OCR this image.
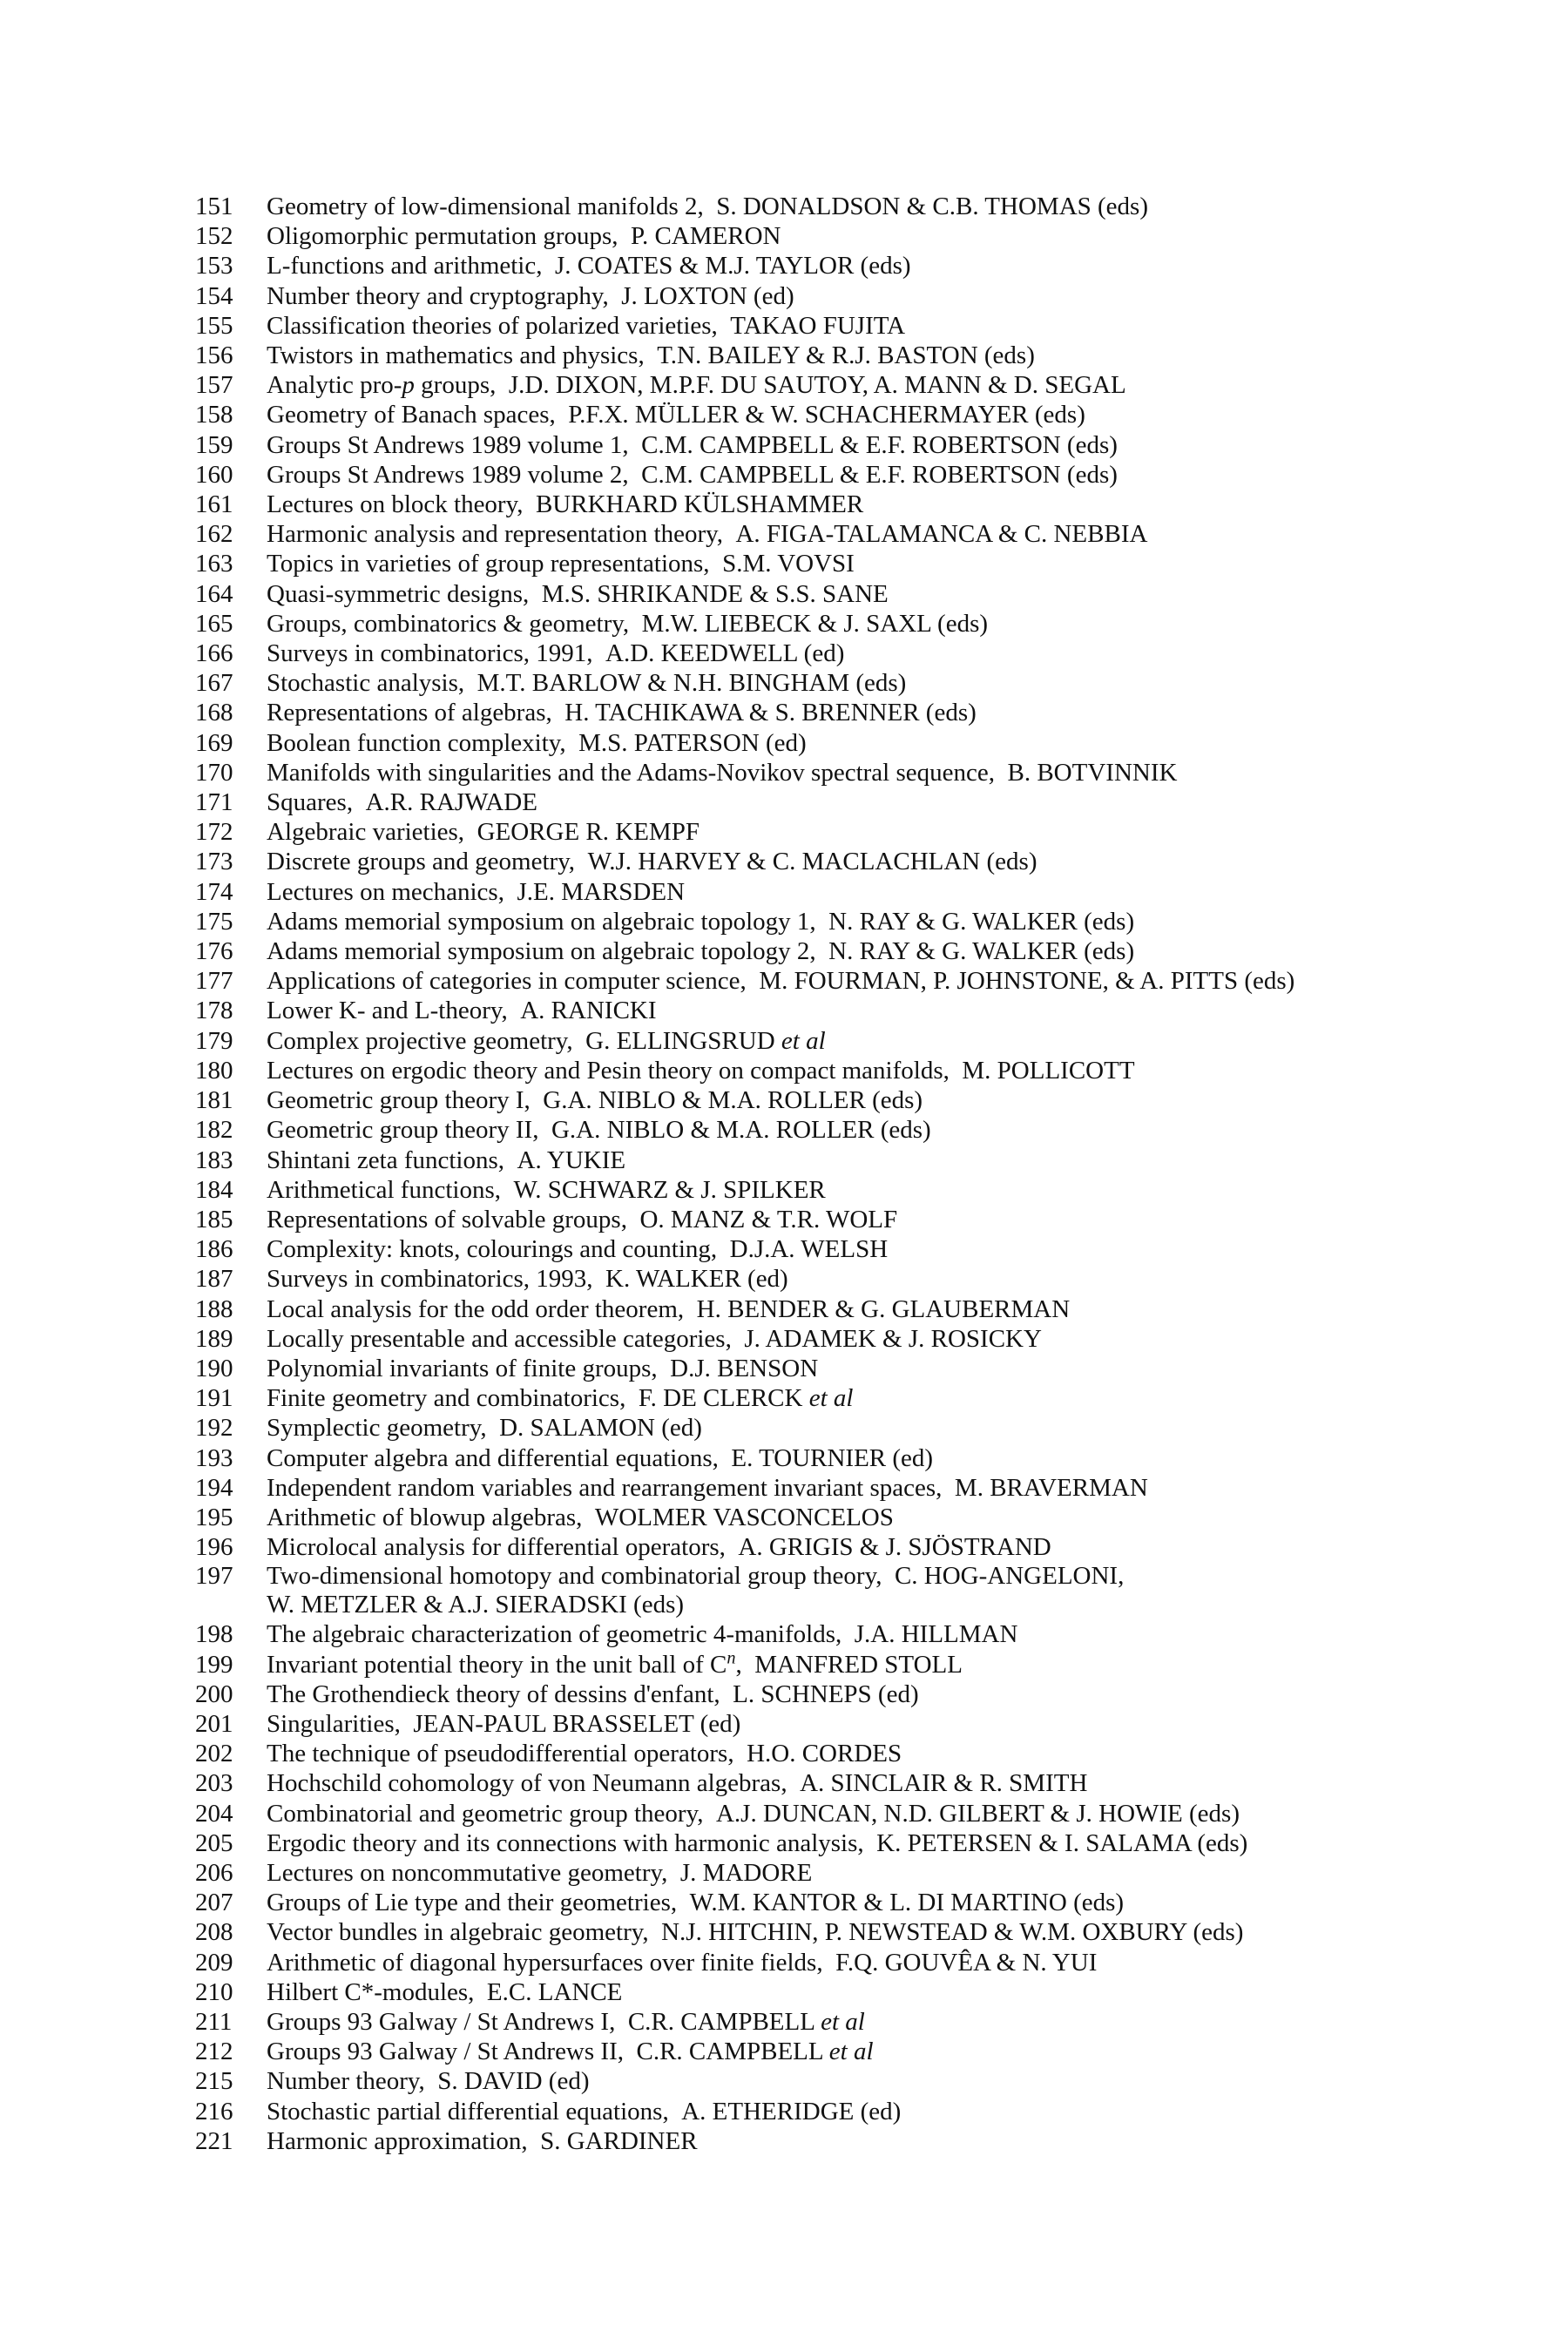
151	Geometry of low-dimensional manifolds 2, S. DONALDSON & C.B. THOMAS (eds)
152	Oligomorphic permutation groups, P. CAMERON
153	L-functions and arithmetic, J. COATES & M.J. TAYLOR (eds)
154	Number theory and cryptography, J. LOXTON (ed)
155	Classification theories of polarized varieties, TAKAO FUJITA
156	Twistors in mathematics and physics, T.N. BAILEY & R.J. BASTON (eds)
157	Analytic pro-p groups, J.D. DIXON, M.P.F. DU SAUTOY, A. MANN & D. SEGAL
158	Geometry of Banach spaces, P.F.X. MÜLLER & W. SCHACHERMAYER (eds)
159	Groups St Andrews 1989 volume 1, C.M. CAMPBELL & E.F. ROBERTSON (eds)
160	Groups St Andrews 1989 volume 2, C.M. CAMPBELL & E.F. ROBERTSON (eds)
161	Lectures on block theory, BURKHARD KÜLSHAMMER
162	Harmonic analysis and representation theory, A. FIGA-TALAMANCA & C. NEBBIA
163	Topics in varieties of group representations, S.M. VOVSI
164	Quasi-symmetric designs, M.S. SHRIKANDE & S.S. SANE
165	Groups, combinatorics & geometry, M.W. LIEBECK & J. SAXL (eds)
166	Surveys in combinatorics, 1991, A.D. KEEDWELL (ed)
167	Stochastic analysis, M.T. BARLOW & N.H. BINGHAM (eds)
168	Representations of algebras, H. TACHIKAWA & S. BRENNER (eds)
169	Boolean function complexity, M.S. PATERSON (ed)
170	Manifolds with singularities and the Adams-Novikov spectral sequence, B. BOTVINNIK
171	Squares, A.R. RAJWADE
172	Algebraic varieties, GEORGE R. KEMPF
173	Discrete groups and geometry, W.J. HARVEY & C. MACLACHLAN (eds)
174	Lectures on mechanics, J.E. MARSDEN
175	Adams memorial symposium on algebraic topology 1, N. RAY & G. WALKER (eds)
176	Adams memorial symposium on algebraic topology 2, N. RAY & G. WALKER (eds)
177	Applications of categories in computer science, M. FOURMAN, P. JOHNSTONE, & A. PITTS (eds)
178	Lower K- and L-theory, A. RANICKI
179	Complex projective geometry, G. ELLINGSRUD et al
180	Lectures on ergodic theory and Pesin theory on compact manifolds, M. POLLICOTT
181	Geometric group theory I, G.A. NIBLO & M.A. ROLLER (eds)
182	Geometric group theory II, G.A. NIBLO & M.A. ROLLER (eds)
183	Shintani zeta functions, A. YUKIE
184	Arithmetical functions, W. SCHWARZ & J. SPILKER
185	Representations of solvable groups, O. MANZ & T.R. WOLF
186	Complexity: knots, colourings and counting, D.J.A. WELSH
187	Surveys in combinatorics, 1993, K. WALKER (ed)
188	Local analysis for the odd order theorem, H. BENDER & G. GLAUBERMAN
189	Locally presentable and accessible categories, J. ADAMEK & J. ROSICKY
190	Polynomial invariants of finite groups, D.J. BENSON
191	Finite geometry and combinatorics, F. DE CLERCK et al
192	Symplectic geometry, D. SALAMON (ed)
193	Computer algebra and differential equations, E. TOURNIER (ed)
194	Independent random variables and rearrangement invariant spaces, M. BRAVERMAN
195	Arithmetic of blowup algebras, WOLMER VASCONCELOS
196	Microlocal analysis for differential operators, A. GRIGIS & J. SJÖSTRAND
197	Two-dimensional homotopy and combinatorial group theory, C. HOG-ANGELONI,
W. METZLER & A.J. SIERADSKI (eds)
198	The algebraic characterization of geometric 4-manifolds, J.A. HILLMAN
199	Invariant potential theory in the unit ball of $C^n$, MANFRED STOLL
200	The Grothendieck theory of dessins d'enfant, L. SCHNEPS (ed)
201	Singularities, JEAN-PAUL BRASSELET (ed)
202	The technique of pseudodifferential operators, H.O. CORDES
203	Hochschild cohomology of von Neumann algebras, A. SINCLAIR & R. SMITH
204	Combinatorial and geometric group theory, A.J. DUNCAN, N.D. GILBERT & J. HOWIE (eds)
205	Ergodic theory and its connections with harmonic analysis, K. PETERSEN & I. SALAMA (eds)
206	Lectures on noncommutative geometry, J. MADORE
207	Groups of Lie type and their geometries, W.M. KANTOR & L. DI MARTINO (eds)
208	Vector bundles in algebraic geometry, N.J. HITCHIN, P. NEWSTEAD & W.M. OXBURY (eds)
209	Arithmetic of diagonal hypersurfaces over finite fields, F.Q. GOUVÊA & N. YUI
210	Hilbert C*-modules, E.C. LANCE
211	Groups 93 Galway / St Andrews I, C.R. CAMPBELL et al
212	Groups 93 Galway / St Andrews II, C.R. CAMPBELL et al
215	Number theory, S. DAVID (ed)
216	Stochastic partial differential equations, A. ETHERIDGE (ed)
221	Harmonic approximation, S. GARDINER
